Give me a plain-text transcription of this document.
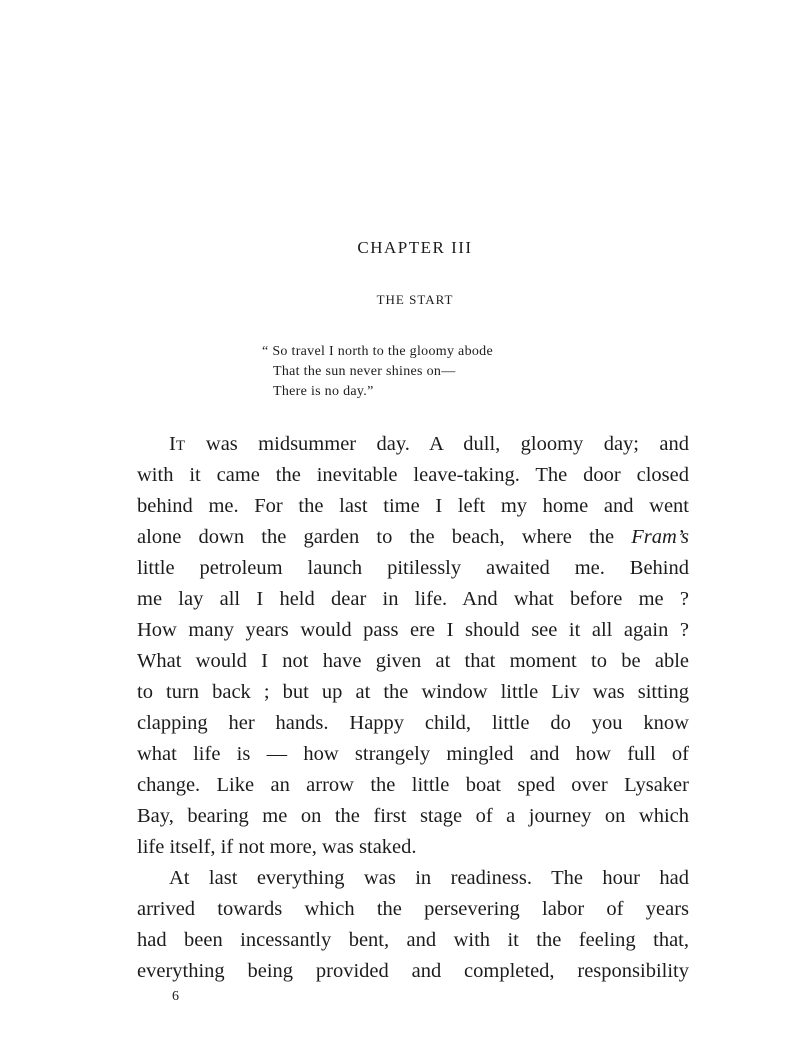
CHAPTER III
THE START
“ So travel I north to the gloomy abode
That the sun never shines on—
There is no day.”
IT was midsummer day. A dull, gloomy day; and
with it came the inevitable leave-taking. The door closed
behind me. For the last time I left my home and went
alone down the garden to the beach, where the Fram’s
little petroleum launch pitilessly awaited me. Behind
me lay all I held dear in life. And what before me ?
How many years would pass ere I should see it all again ?
What would I not have given at that moment to be able
to turn back ; but up at the window little Liv was sitting
clapping her hands. Happy child, little do you know
what life is — how strangely mingled and how full of
change. Like an arrow the little boat sped over Lysaker
Bay, bearing me on the first stage of a journey on which
life itself, if not more, was staked.
At last everything was in readiness. The hour had
arrived towards which the persevering labor of years
had been incessantly bent, and with it the feeling that,
everything being provided and completed, responsibility
6
